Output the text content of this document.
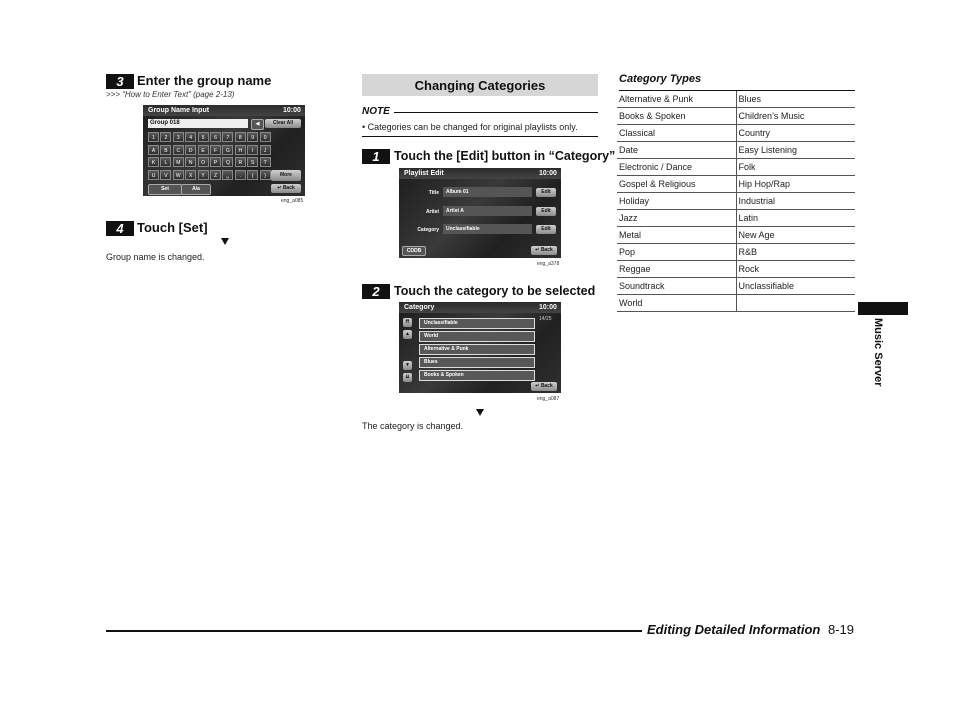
3	Enter the group name
>>> “How to Enter Text” (page 2-13)
Group Name Input	10:00
Group 018	◀	Clear All
More
Set	A/a	↵ Back
1	2	3	4	5	6	7	8	9	0
A	B	C	D	E	F	G	H	I	J
K	L	M	N	O	P	Q	R	S	T
U	V	W	X	Y	Z	␣	.	(	)
eng_a085
4	Touch [Set]
Group name is changed.
Changing Categories
NOTE
• Categories can be changed for original playlists only.
1	Touch the [Edit] button in “Category”
Playlist Edit	10:00
Title	Album 01	Edit
Artist	Artist A	Edit
Category	Unclassifiable	Edit
CDDB	↵ Back
eng_a378
2	Touch the category to be selected
Category	10:00
14/25
⇈
▲
▼
⇊
Unclassifiable
World
Alternative & Punk
Blues
Books & Spoken
↵ Back
eng_a087
The category is changed.
Category Types
Alternative & Punk	Blues
Books & Spoken	Children’s Music
Classical	Country
Date	Easy Listening
Electronic / Dance	Folk
Gospel & Religious	Hip Hop/Rap
Holiday	Industrial
Jazz	Latin
Metal	New Age
Pop	R&B
Reggae	Rock
Soundtrack	Unclassifiable
World	
Music Server
Editing Detailed Information 8-19
